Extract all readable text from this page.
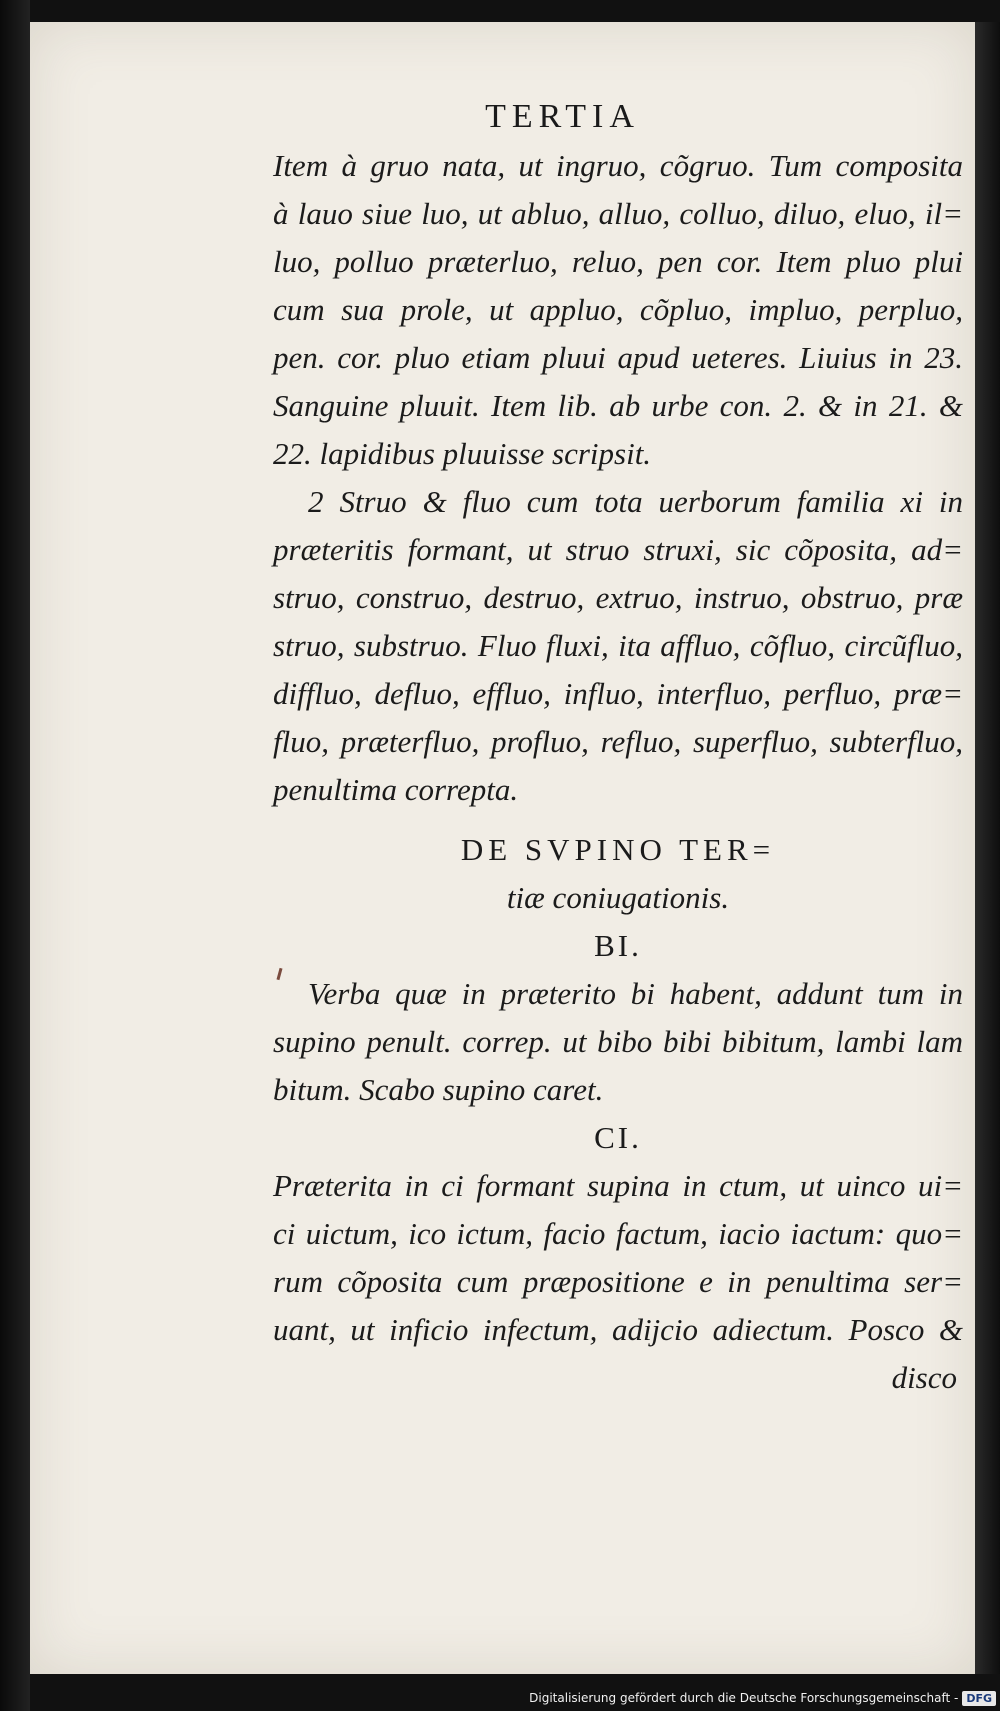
TERTIA
Item à gruo nata, ut ingruo, cõgruo. Tum composita
à lauo siue luo, ut abluo, alluo, colluo, diluo, eluo, il=
luo, polluo præterluo, reluo, pen cor. Item pluo plui
cum sua prole, ut appluo, cõpluo, impluo, perpluo,
pen. cor. pluo etiam pluui apud ueteres. Liuius in 23.
Sanguine pluuit. Item lib. ab urbe con. 2. & in 21. &
22. lapidibus pluuisse scripsit.
2 Struo & fluo cum tota uerborum familia xi in
præteritis formant, ut struo struxi, sic cõposita, ad=
struo, construo, destruo, extruo, instruo, obstruo, præ
struo, substruo. Fluo fluxi, ita affluo, cõfluo, circũfluo,
diffluo, defluo, effluo, influo, interfluo, perfluo, præ=
fluo, præterfluo, profluo, refluo, superfluo, subterfluo,
penultima correpta.
DE SVPINO TER=
tiæ coniugationis.
BI.
Verba quæ in præterito bi habent, addunt tum in
supino penult. correp. ut bibo bibi bibitum, lambi lam
bitum. Scabo supino caret.
CI.
Præterita in ci formant supina in ctum, ut uinco ui=
ci uictum, ico ictum, facio factum, iacio iactum: quo=
rum cõposita cum præpositione e in penultima ser=
uant, ut inficio infectum, adijcio adiectum. Posco &
disco
Digitalisierung gefördert durch die Deutsche Forschungsgemeinschaft - DFG
